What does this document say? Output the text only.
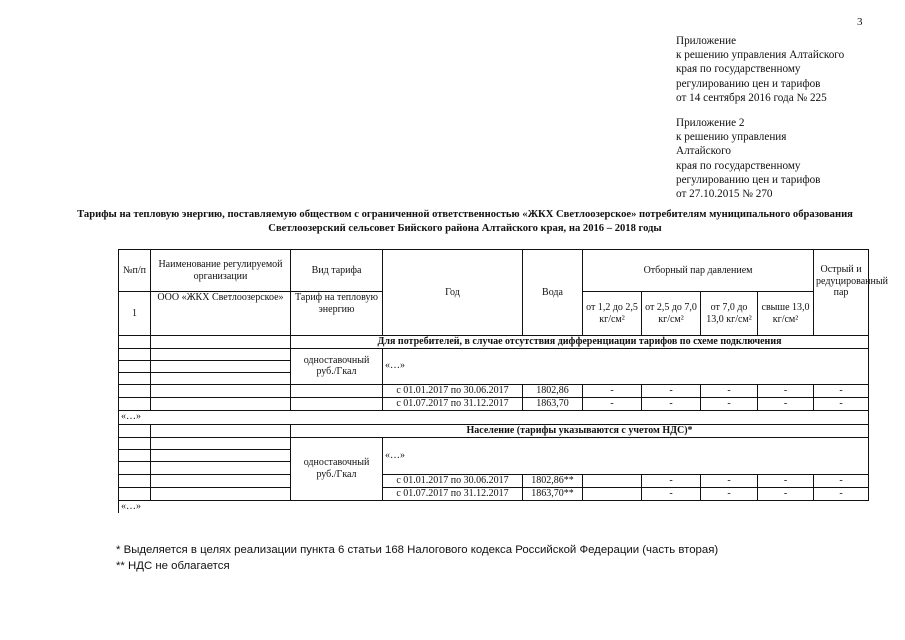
3
Приложение
к решению управления Алтайского
края по государственному
регулированию цен и тарифов
от 14 сентября 2016 года № 225
Приложение 2
к решению управления
Алтайского
края по государственному
регулированию цен и тарифов
от 27.10.2015 № 270
Тарифы на тепловую энергию, поставляемую обществом с ограниченной ответственностью «ЖКХ Светлоозерское» потребителям муниципального образования Светлоозерский сельсовет Бийского района Алтайского края, на 2016 – 2018 годы
№п/п	Наименование регулируемой организации	Вид тарифа	Год	Вода	Отборный пар давлением				Острый и редуцированный пар
1	ООО «ЖКХ Светлоозерское»	Тариф на тепловую энергию			от 1,2 до 2,5 кг/см²	от 2,5 до 7,0 кг/см²	от 7,0 до 13,0 кг/см²	свыше 13,0 кг/см²	
		Для потребителей, в случае отсутствия дифференциации тарифов по схеме подключения							
		одноставочный руб./Гкал	«…»						

			с 01.01.2017 по 30.06.2017	1802,86	-	-	-	-	-
			с 01.07.2017 по 31.12.2017	1863,70	-	-	-	-	-
«…»									
		Население (тарифы указываются с учетом НДС)*							
		одноставочный руб./Гкал	«…»						

			с 01.01.2017 по 30.06.2017	1802,86**		-	-	-	-
			с 01.07.2017 по 31.12.2017	1863,70**		-	-	-	-
«…»									
* Выделяется в целях реализации пункта 6 статьи 168 Налогового кодекса Российской Федерации (часть вторая)
** НДС не облагается
